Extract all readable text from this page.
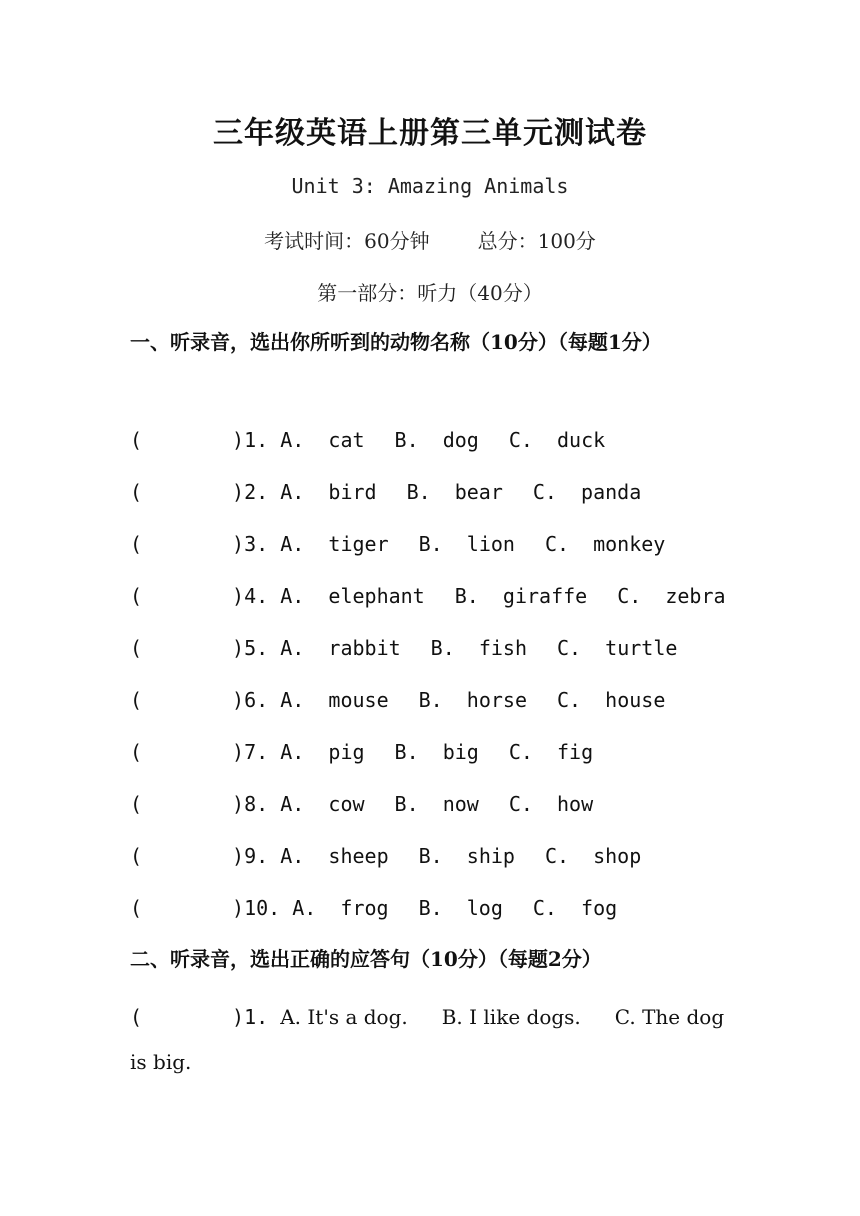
三年级英语上册第三单元测试卷
Unit 3: Amazing Animals
考试时间：60分钟 总分：100分
第一部分：听力（40分）
一、听录音，选出你所听到的动物名称（10分）（每题1分）
(	)1. A.  cat B.  dog C.  duck
(	)2. A.  bird B.  bear C.  panda
(	)3. A.  tiger B.  lion C.  monkey
(	)4. A.  elephant B.  giraffe C.  zebra
(	)5. A.  rabbit B.  fish C.  turtle
(	)6. A.  mouse B.  horse C.  house
(	)7. A.  pig B.  big C.  fig
(	)8. A.  cow B.  now C.  how
(	)9. A.  sheep B.  ship C.  shop
(	)10. A.  frog B.  log C.  fog
二、听录音，选出正确的应答句（10分）（每题2分）
(	)1. A. It's a dog. B. I like dogs. C. The dog is big.
